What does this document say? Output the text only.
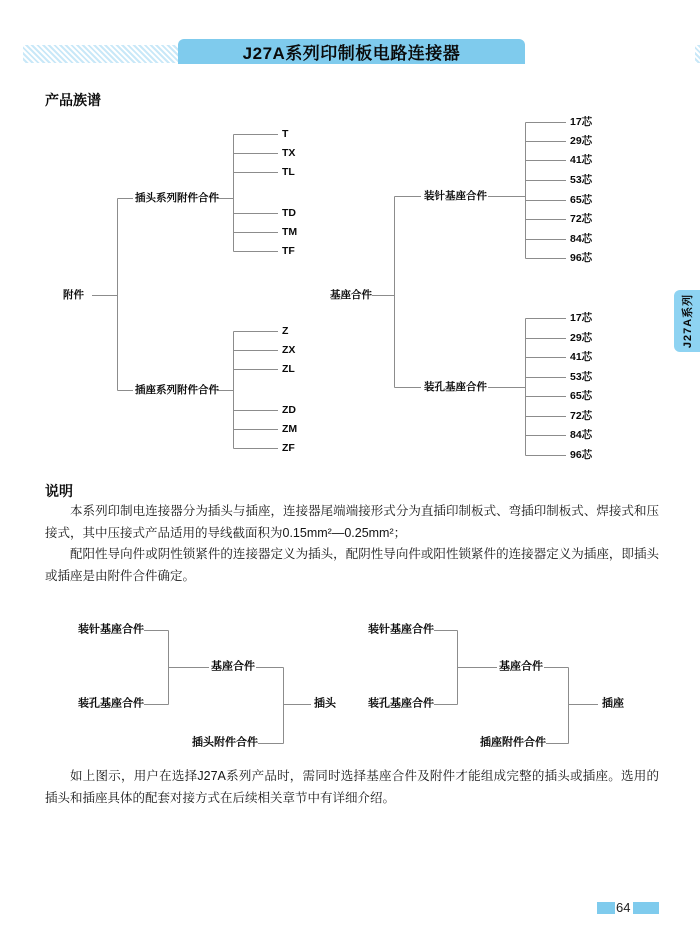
J27A系列印制板电路连接器
产品族谱
附件
插头系列附件合件
T
TX
TL
TD
TM
TF
插座系列附件合件
Z
ZX
ZL
ZD
ZM
ZF
基座合件
装针基座合件
17芯
29芯
41芯
53芯
65芯
72芯
84芯
96芯
装孔基座合件
17芯
29芯
41芯
53芯
65芯
72芯
84芯
96芯
J27A系列
说明

本系列印制电连接器分为插头与插座，连接器尾端端接形式分为直插印制板式、弯插印制板式、焊接式和压接式，其中压接式产品适用的导线截面积为0.15mm²—0.25mm²；

配阳性导向件或阴性锁紧件的连接器定义为插头，配阴性导向件或阳性锁紧件的连接器定义为插座，即插头或插座是由附件合件确定。

装针基座合件
装孔基座合件
基座合件
插头附件合件
插头
装针基座合件
装孔基座合件
基座合件
插座附件合件
插座

如上图示，用户在选择J27A系列产品时，需同时选择基座合件及附件才能组成完整的插头或插座。选用的插头和插座具体的配套对接方式在后续相关章节中有详细介绍。

64
